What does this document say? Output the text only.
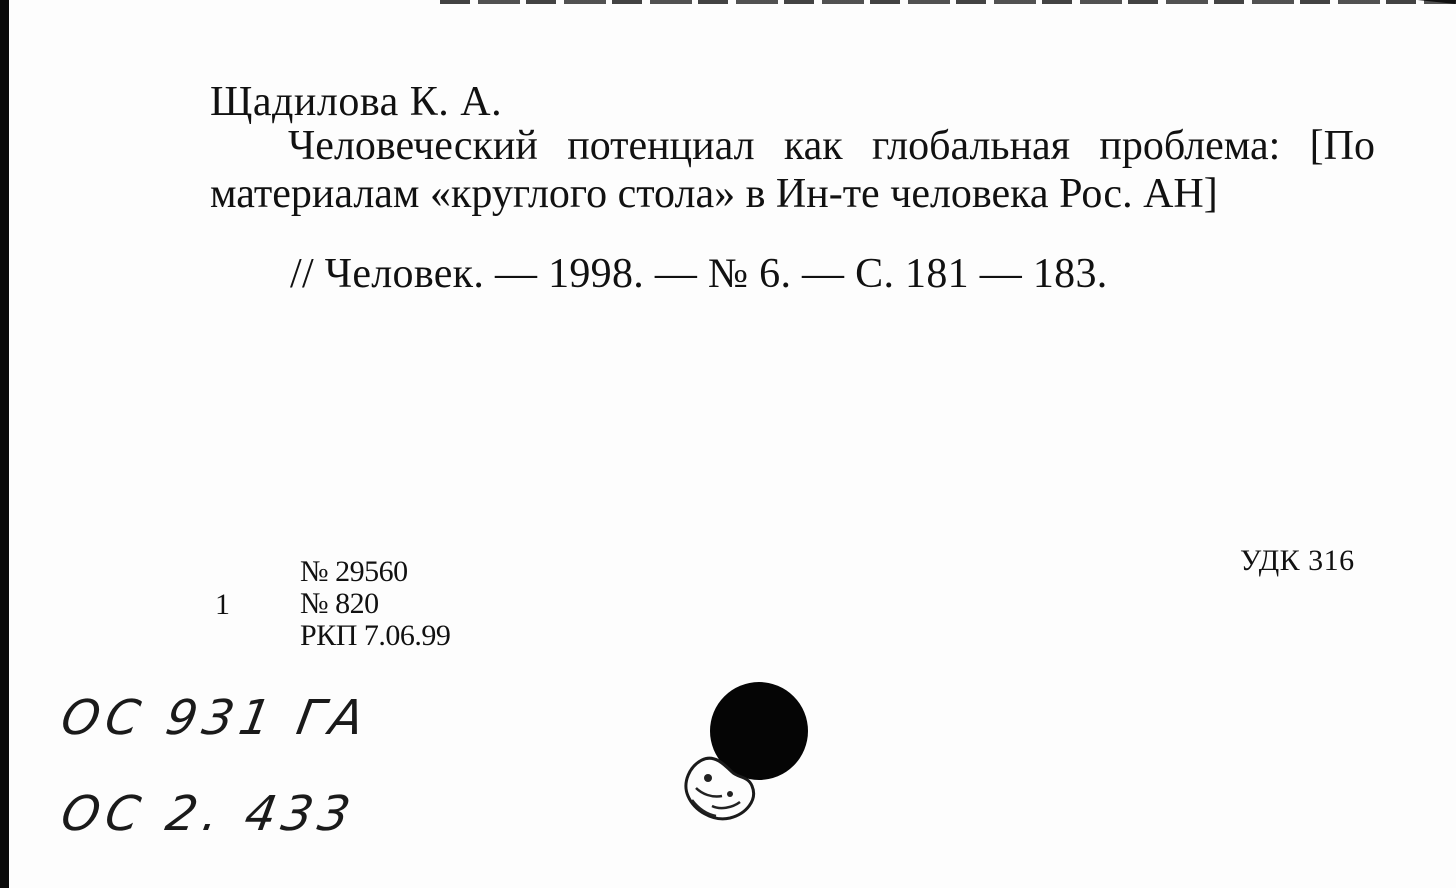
Щадилова К. А.
Человеческий потенциал как глобальная проблема: [По материалам «круглого стола» в Ин-те человека Рос. АН]
// Человек. — 1998. — № 6. — С. 181 — 183.
1
№ 29560
№ 820
РКП 7.06.99
УДК 316
ОС 931 ГА
ОС 2. 433
